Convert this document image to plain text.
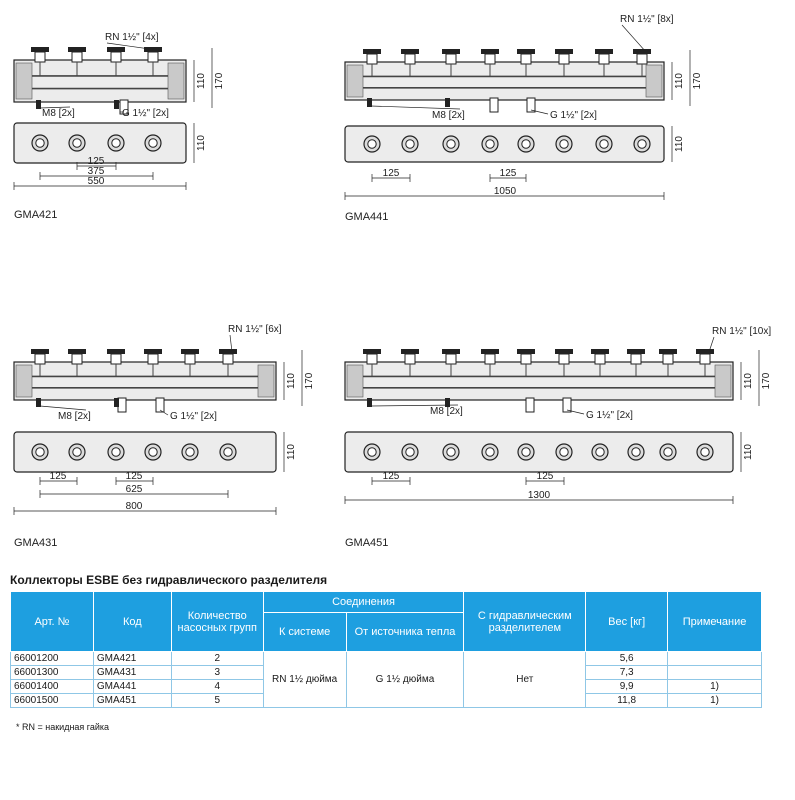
110 170
110
125
375
550
RN 1½" [4x]
M8 [2x]	G 1½" [2x]
GMA421
110 170
110
125	125
1050
RN 1½" [8x]
M8 [2x]	G 1½" [2x]
GMA441
110 170
110
125	125
625
800
RN 1½" [6x]
M8 [2x]	G 1½" [2x]
GMA431
110 170
110
125	125
1300
RN 1½" [10x]
M8 [2x]	G 1½" [2x]
GMA451
Коллекторы ESBE без гидравлического разделителя
Арт. №	Код	Количество насосных групп	Соединения		С гидравлическим разделителем	Вес [кг]	Примечание
			К системе	От источника тепла			
66001200	GMA421	2	RN 1½ дюйма	G 1½ дюйма	Нет	5,6	
66001300	GMA431	3				7,3	
66001400	GMA441	4				9,9	1)
66001500	GMA451	5				11,8	1)
* RN = накидная гайка
